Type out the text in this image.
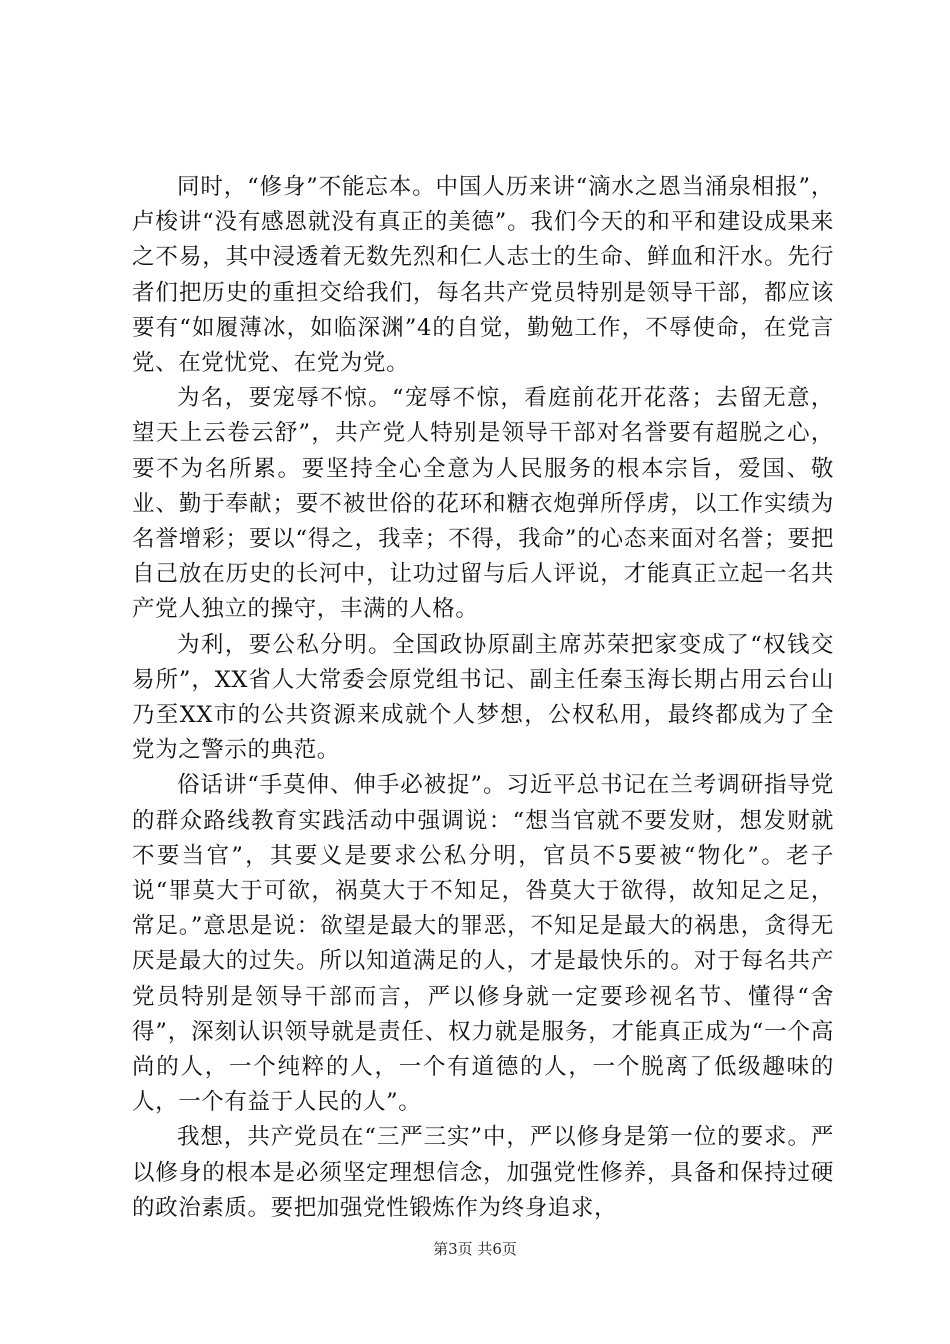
同时，“修身”不能忘本。中国人历来讲“滴水之恩当涌泉相报”，卢梭讲“没有感恩就没有真正的美德”。我们今天的和平和建设成果来之不易，其中浸透着无数先烈和仁人志士的生命、鲜血和汗水。先行者们把历史的重担交给我们，每名共产党员特别是领导干部，都应该要有“如履薄冰，如临深渊”4的自觉，勤勉工作，不辱使命，在党言党、在党忧党、在党为党。

为名，要宠辱不惊。“宠辱不惊，看庭前花开花落；去留无意，望天上云卷云舒”，共产党人特别是领导干部对名誉要有超脱之心，要不为名所累。要坚持全心全意为人民服务的根本宗旨，爱国、敬业、勤于奉献；要不被世俗的花环和糖衣炮弹所俘虏，以工作实绩为名誉增彩；要以“得之，我幸；不得，我命”的心态来面对名誉；要把自己放在历史的长河中，让功过留与后人评说，才能真正立起一名共产党人独立的操守，丰满的人格。

为利，要公私分明。全国政协原副主席苏荣把家变成了“权钱交易所”，XX省人大常委会原党组书记、副主任秦玉海长期占用云台山乃至XX市的公共资源来成就个人梦想，公权私用，最终都成为了全党为之警示的典范。

俗话讲“手莫伸、伸手必被捉”。习近平总书记在兰考调研指导党的群众路线教育实践活动中强调说：“想当官就不要发财，想发财就不要当官”，其要义是要求公私分明，官员不5要被“物化”。老子说“罪莫大于可欲，祸莫大于不知足，咎莫大于欲得，故知足之足，常足。”意思是说：欲望是最大的罪恶，不知足是最大的祸患，贪得无厌是最大的过失。所以知道满足的人，才是最快乐的。对于每名共产党员特别是领导干部而言，严以修身就一定要珍视名节、懂得“舍得”，深刻认识领导就是责任、权力就是服务，才能真正成为“一个高尚的人，一个纯粹的人，一个有道德的人，一个脱离了低级趣味的人，一个有益于人民的人”。

我想，共产党员在“三严三实”中，严以修身是第一位的要求。严以修身的根本是必须坚定理想信念，加强党性修养，具备和保持过硬的政治素质。要把加强党性锻炼作为终身追求，

第3页 共6页
